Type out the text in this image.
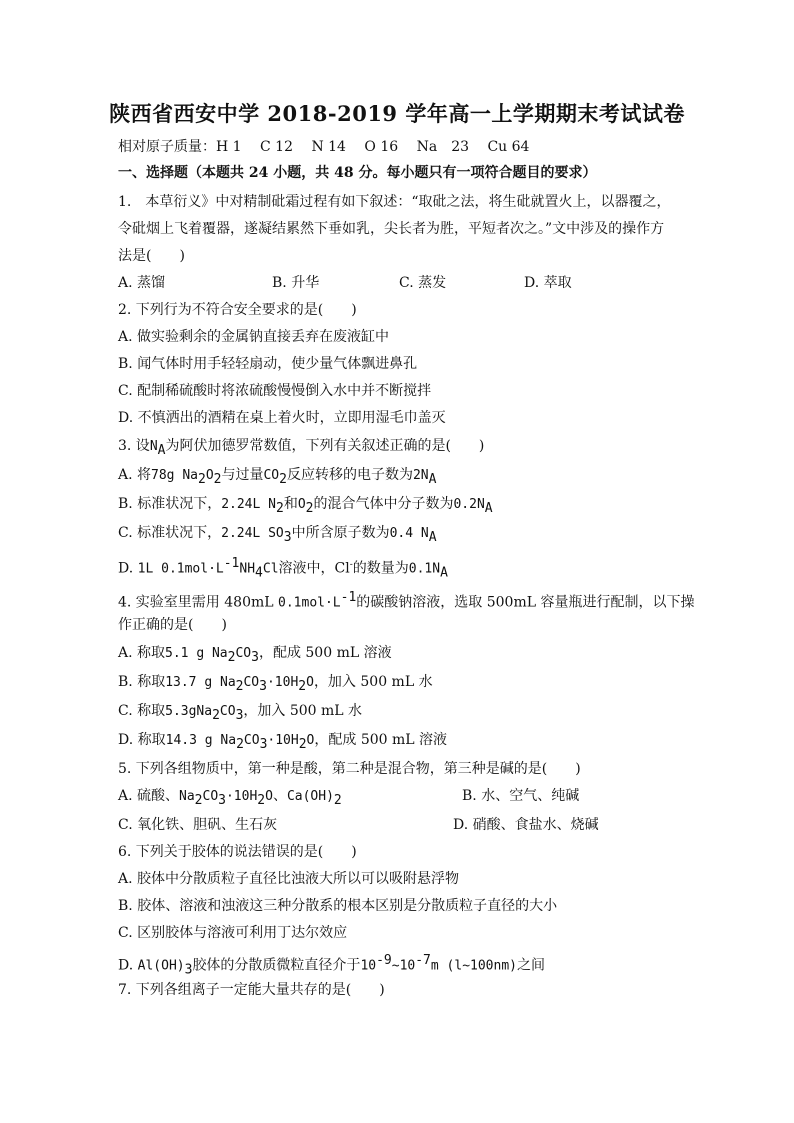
陕西省西安中学 2018-2019 学年高一上学期期末考试试卷
相对原子质量：H 1　 C 12　 N 14　 O 16　 Na　23　 Cu 64
一、选择题（本题共 24 小题，共 48 分。每小题只有一项符合题目的要求）
1.　本草衍义》中对精制砒霜过程有如下叙述：“取砒之法，将生砒就置火上，以器覆之，
令砒烟上飞着覆器，遂凝结累然下垂如乳，尖长者为胜，平短者次之。”文中涉及的操作方
法是(　　)
A. 蒸馏	B. 升华	C. 蒸发	D. 萃取
2. 下列行为不符合安全要求的是(　　)
A. 做实验剩余的金属钠直接丢弃在废液缸中
B. 闻气体时用手轻轻扇动，使少量气体飘进鼻孔
C. 配制稀硫酸时将浓硫酸慢慢倒入水中并不断搅拌
D. 不慎洒出的酒精在桌上着火时，立即用湿毛巾盖灭
3. 设$N_A$为阿伏加德罗常数值，下列有关叙述正确的是(　　)
A. 将78g $Na_2O_2$与过量$CO_2$反应转移的电子数为$2N_A$
B. 标准状况下，2.24L $N_2$和$O_2$的混合气体中分子数为$0.2N_A$
C. 标准状况下，2.24L $SO_3$中所含原子数为0.4 $N_A$
D. 1L $0.1mol\cdot L^{-1}NH_4Cl$溶液中，Cl-的数量为$0.1N_A$
4. 实验室里需用 480mL $0.1mol\cdot L^{-1}$的碳酸钠溶液，选取 500mL 容量瓶进行配制，以下操
作正确的是(　　)
A. 称取5.1 g $Na_2CO_3$，配成 500 mL 溶液
B. 称取13.7 g $Na_2CO_3\cdot 10H_2O$，加入 500 mL 水
C. 称取$5.3gNa_2CO_3$，加入 500 mL 水
D. 称取14.3 g $Na_2CO_3\cdot 10H_2O$，配成 500 mL 溶液
5. 下列各组物质中，第一种是酸，第二种是混合物，第三种是碱的是(　　)
A. 硫酸、$Na_2CO_3\cdot 10H_2O$、$Ca(OH)_2$	B. 水、空气、纯碱
C. 氧化铁、胆矾、生石灰	D. 硝酸、食盐水、烧碱
6. 下列关于胶体的说法错误的是(　　)
A. 胶体中分散质粒子直径比浊液大所以可以吸附悬浮物
B. 胶体、溶液和浊液这三种分散系的根本区别是分散质粒子直径的大小
C. 区别胶体与溶液可利用丁达尔效应
D. $Al(OH)_3$胶体的分散质微粒直径介于$10^{-9}\sim 10^{-7}m$ (l~100nm)之间
7. 下列各组离子一定能大量共存的是(　　)
